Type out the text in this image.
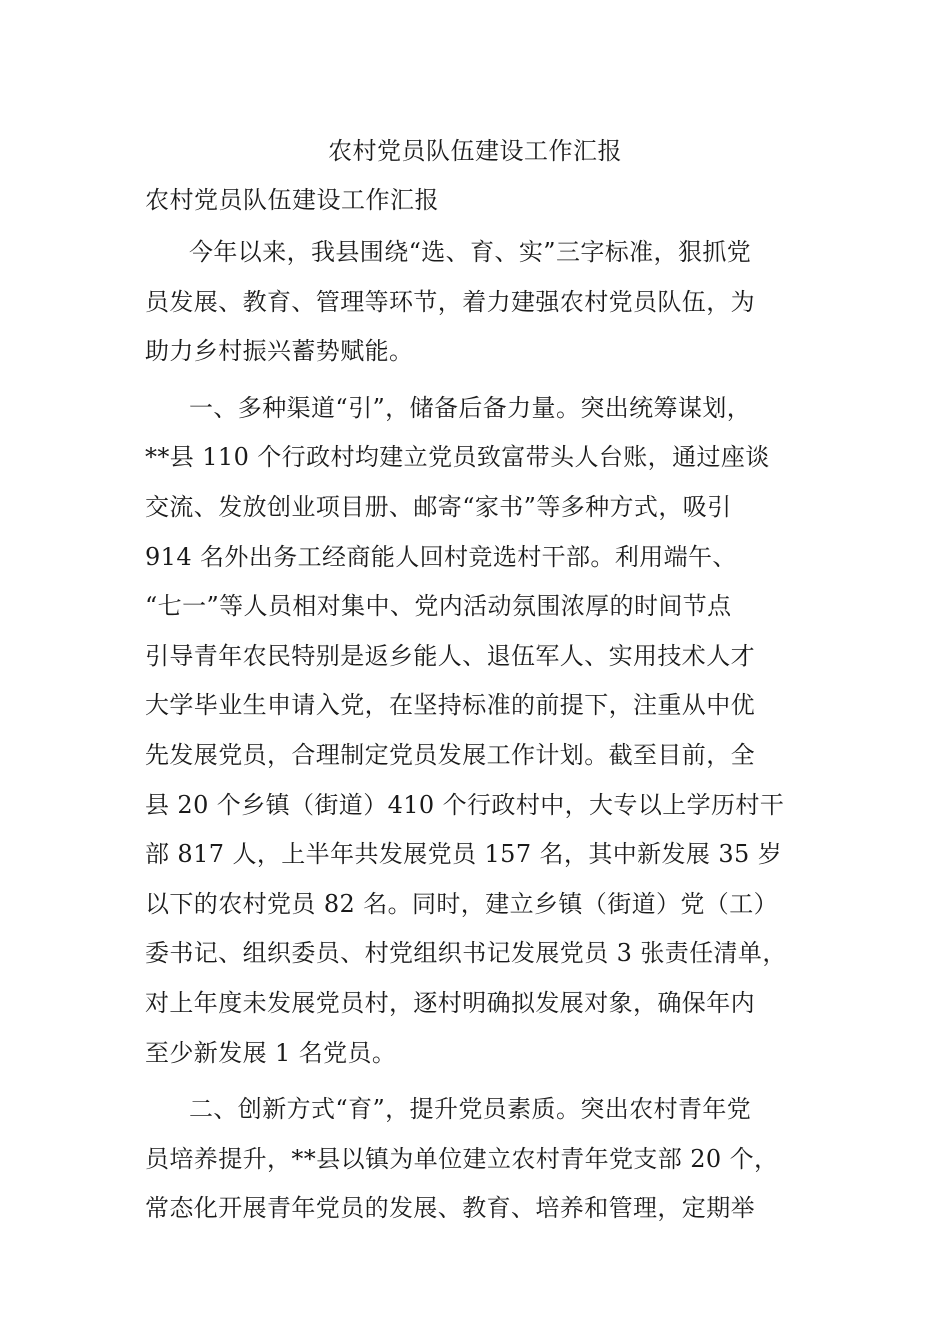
农村党员队伍建设工作汇报
农村党员队伍建设工作汇报

今年以来，我县围绕“选、育、实”三字标准，狠抓党
员发展、教育、管理等环节，着力建强农村党员队伍，为
助力乡村振兴蓄势赋能。

一、多种渠道“引”，储备后备力量。突出统筹谋划，
**县 110 个行政村均建立党员致富带头人台账，通过座谈
交流、发放创业项目册、邮寄“家书”等多种方式，吸引
914 名外出务工经商能人回村竞选村干部。利用端午、
“七一”等人员相对集中、党内活动氛围浓厚的时间节点
引导青年农民特别是返乡能人、退伍军人、实用技术人才
大学毕业生申请入党，在坚持标准的前提下，注重从中优
先发展党员，合理制定党员发展工作计划。截至目前，全
县 20 个乡镇（街道）410 个行政村中，大专以上学历村干
部 817 人，上半年共发展党员 157 名，其中新发展 35 岁
以下的农村党员 82 名。同时，建立乡镇（街道）党（工）
委书记、组织委员、村党组织书记发展党员 3 张责任清单，
对上年度未发展党员村，逐村明确拟发展对象，确保年内
至少新发展 1 名党员。

二、创新方式“育”，提升党员素质。突出农村青年党
员培养提升，**县以镇为单位建立农村青年党支部 20 个，
常态化开展青年党员的发展、教育、培养和管理，定期举
